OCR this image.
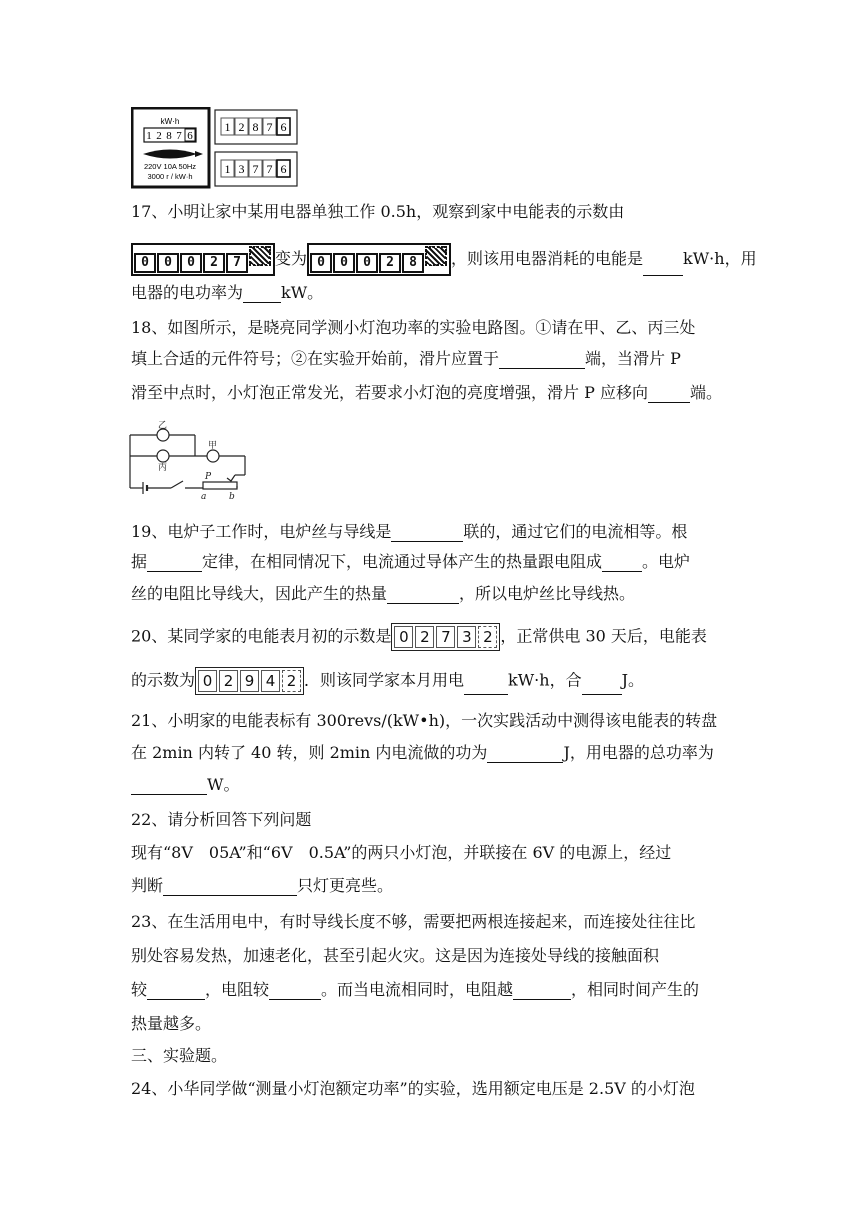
kW·h
1 2 8 7 6
220V 10A 50Hz
3000 r / kW·h
1 2 8 7 6
1 3 7 7 6
17、小明让家中某用电器单独工作 0.5h，观察到家中电能表的示数由
0 0 0 2 7 变为 0 0 0 2 8 ，则该用电器消耗的电能是	kW·h，用
电器的电功率为 kW。
18、如图所示，是晓亮同学测小灯泡功率的实验电路图。①请在甲、乙、丙三处
填上合适的元件符号；②在实验开始前，滑片应置于	端，当滑片 P
滑至中点时，小灯泡正常发光，若要求小灯泡的亮度增强，滑片 P 应移向	端。
乙
甲
丙
P
a	b
19、电炉子工作时，电炉丝与导线是	联的，通过它们的电流相等。根
据	定律，在相同情况下，电流通过导体产生的热量跟电阻成	。电炉
丝的电阻比导线大，因此产生的热量	，所以电炉丝比导线热。
20、某同学家的电能表月初的示数是 0 2 7 3 2 ，正常供电 30 天后，电能表
的示数为 0 2 9 4 2 ．则该同学家本月用电	kW·h，合	J。
21、小明家的电能表标有 300revs/(kW•h)，一次实践活动中测得该电能表的转盘
在 2min 内转了 40 转，则 2min 内电流做的功为	J，用电器的总功率为
W。
22、请分析回答下列问题
现有“8V　05A”和“6V　0.5A”的两只小灯泡，并联接在 6V 的电源上，经过
判断	只灯更亮些。
23、在生活用电中，有时导线长度不够，需要把两根连接起来，而连接处往往比
别处容易发热，加速老化，甚至引起火灾。这是因为连接处导线的接触面积
较	，电阻较	。而当电流相同时，电阻越	，相同时间产生的
热量越多。
三、实验题。
24、小华同学做“测量小灯泡额定功率”的实验，选用额定电压是 2.5V 的小灯泡
